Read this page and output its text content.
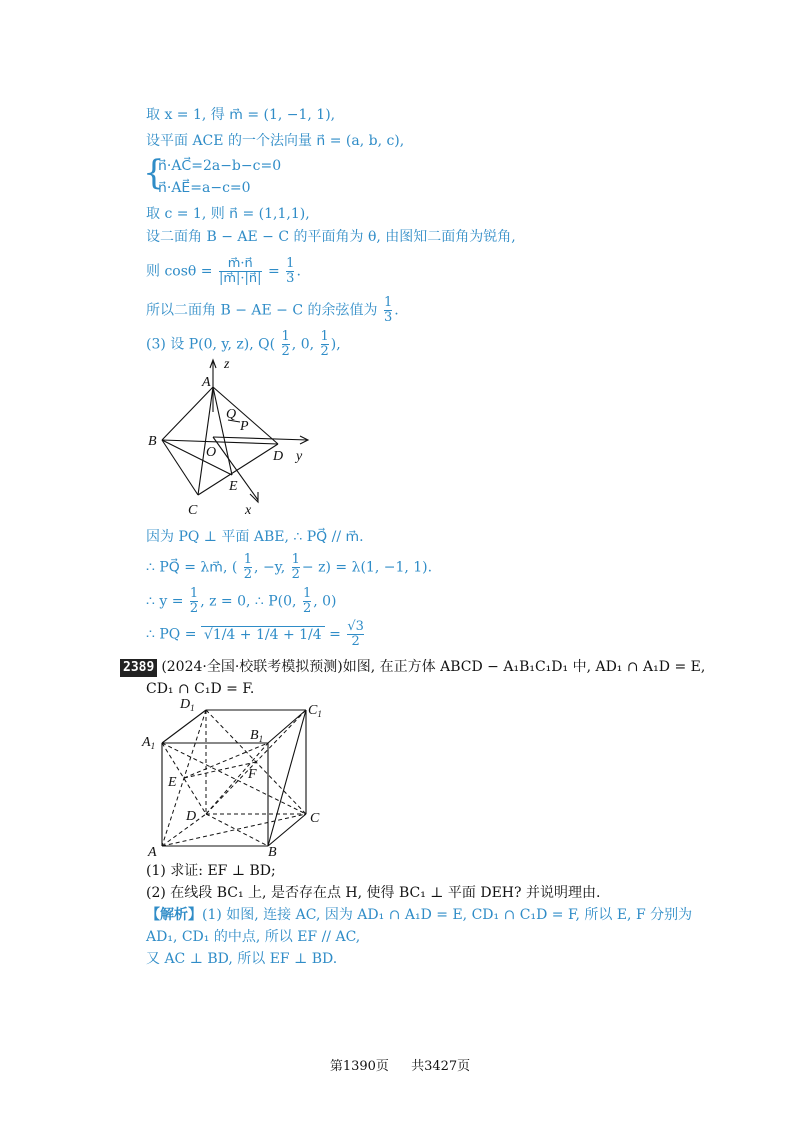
取 x = 1, 得 m⃗ = (1, −1, 1),
设平面 ACE 的一个法向量 n⃗ = (a, b, c),
{
n⃗·AC⃗=2a−b−c=0
n⃗·AE⃗=a−c=0
取 c = 1, 则 n⃗ = (1,1,1),
设二面角 B − AE − C 的平面角为 θ, 由图知二面角为锐角,
则 $\cos\theta = \frac{m⃗\cdot n⃗}{|m⃗|\cdot|n⃗|} = \frac{1}{3}$ .
所以二面角 B − AE − C 的余弦值为 $\frac{1}{3}$ .
(3) 设 P(0, y, z), $Q( \frac{1}{2}$ , 0, $\frac{1}{2}$ ),
z
A
Q
P
B
O	D y
E
C	x
因为 PQ ⊥ 平面 ABE, ∴ PQ⃗ // m⃗.
∴ PQ⃗ = λm⃗, ( $\frac{1}{2}$ , −y, $\frac{1}{2} - z) = \lambda(1$, −1, 1).
∴ $y = \frac{1}{2}$ , z = 0, ∴ P(0, $\frac{1}{2}$ , 0)
∴ PQ = $√1/4 + 1/4 + 1/4 = \frac{√3}{2}$
2389 (2024·全国·校联考模拟预测)如图, 在正方体 ABCD − A₁B₁C₁D₁ 中, AD₁ ∩ A₁D = E,
CD₁ ∩ C₁D = F.
$D_1$	$C_1$
$A_1$
$B_1$
E
F
D	C
A	B
(1) 求证: EF ⊥ BD;
(2) 在线段 BC₁ 上, 是否存在点 H, 使得 BC₁ ⊥ 平面 DEH? 并说明理由.
【解析】(1) 如图, 连接 AC, 因为 AD₁ ∩ A₁D = E, CD₁ ∩ C₁D = F, 所以 E, F 分别为
AD₁, CD₁ 的中点, 所以 EF // AC,
又 AC ⊥ BD, 所以 EF ⊥ BD.
第1390页 共3427页
